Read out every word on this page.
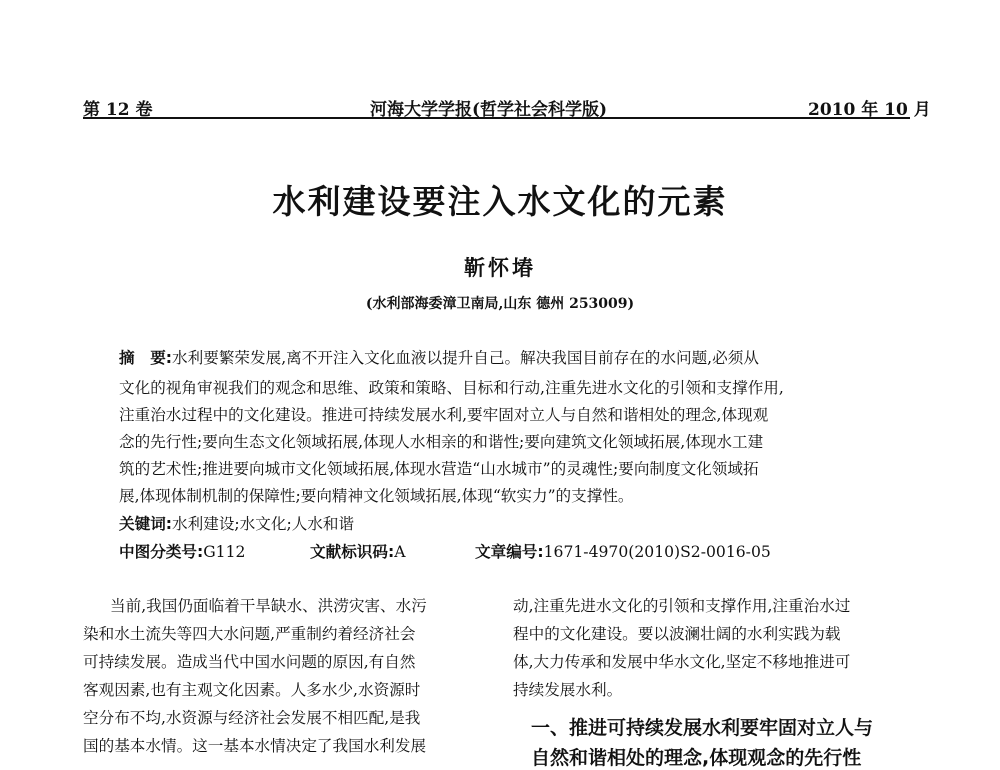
第 12 卷	河海大学学报(哲学社会科学版)	2010 年 10 月
水利建设要注入水文化的元素
靳怀堾
(水利部海委漳卫南局,山东 德州 253009)
摘　要:水利要繁荣发展,离不开注入文化血液以提升自己。解决我国目前存在的水问题,必须从
文化的视角审视我们的观念和思维、政策和策略、目标和行动,注重先进水文化的引领和支撑作用,
注重治水过程中的文化建设。推进可持续发展水利,要牢固对立人与自然和谐相处的理念,体现观
念的先行性;要向生态文化领域拓展,体现人水相亲的和谐性;要向建筑文化领域拓展,体现水工建
筑的艺术性;推进要向城市文化领域拓展,体现水营造“山水城市”的灵魂性;要向制度文化领域拓
展,体现体制机制的保障性;要向精神文化领域拓展,体现“软实力”的支撑性。
关键词:水利建设;水文化;人水和谐
中图分类号:G112	文献标识码:A	文章编号:1671-4970(2010)S2-0016-05
当前,我国仍面临着干旱缺水、洪涝灾害、水污
染和水土流失等四大水问题,严重制约着经济社会
可持续发展。造成当代中国水问题的原因,有自然
客观因素,也有主观文化因素。人多水少,水资源时
空分布不均,水资源与经济社会发展不相匹配,是我
国的基本水情。这一基本水情决定了我国水利发展
动,注重先进水文化的引领和支撑作用,注重治水过
程中的文化建设。要以波澜壮阔的水利实践为载
体,大力传承和发展中华水文化,坚定不移地推进可
持续发展水利。
一、推进可持续发展水利要牢固对立人与
自然和谐相处的理念,体现观念的先行性
